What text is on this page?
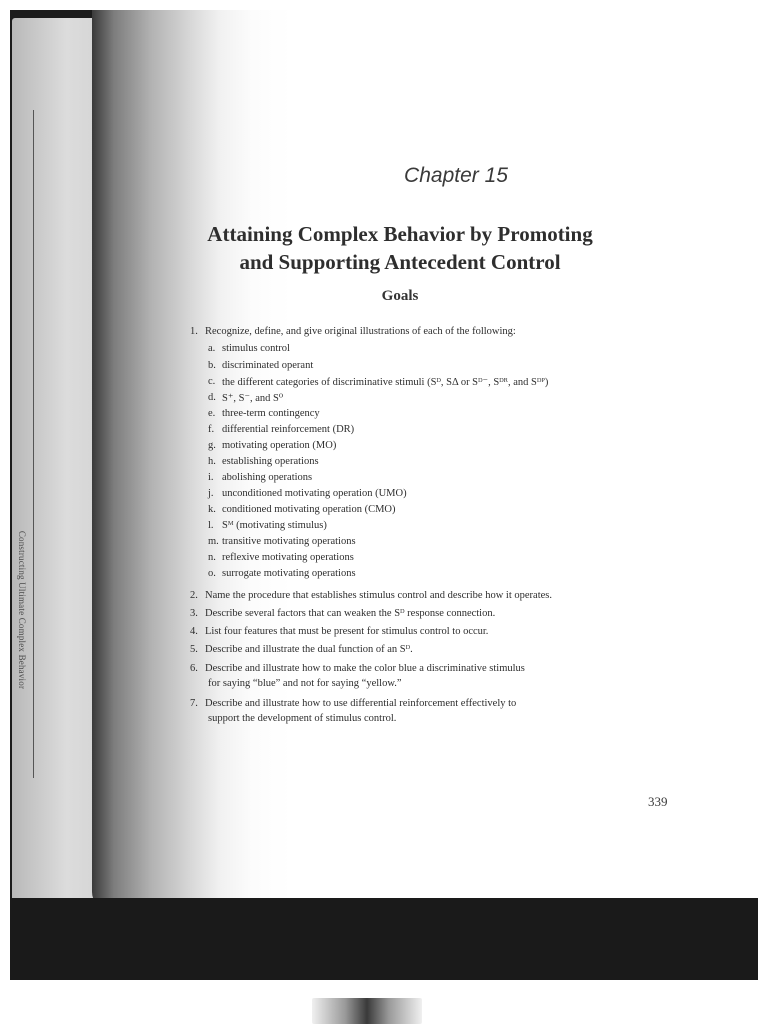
Constructing Ultimate Complex Behavior
Chapter 15
Attaining Complex Behavior by Promoting
and Supporting Antecedent Control
Goals
1. Recognize, define, and give original illustrations of each of the following:
a. stimulus control
b. discriminated operant
c. the different categories of discriminative stimuli (Sᴰ, SΔ or Sᴰ⁻, Sᴰᴿ, and Sᴰᴾ)
d. S⁺, S⁻, and S⁰
e. three-term contingency
f. differential reinforcement (DR)
g. motivating operation (MO)
h. establishing operations
i. abolishing operations
j. unconditioned motivating operation (UMO)
k. conditioned motivating operation (CMO)
l. Sᴹ (motivating stimulus)
m. transitive motivating operations
n. reflexive motivating operations
o. surrogate motivating operations
2. Name the procedure that establishes stimulus control and describe how it operates.
3. Describe several factors that can weaken the Sᴰ response connection.
4. List four features that must be present for stimulus control to occur.
5. Describe and illustrate the dual function of an Sᴰ.
6. Describe and illustrate how to make the color blue a discriminative stimulus
for saying “blue” and not for saying “yellow.”
7. Describe and illustrate how to use differential reinforcement effectively to
support the development of stimulus control.
339
